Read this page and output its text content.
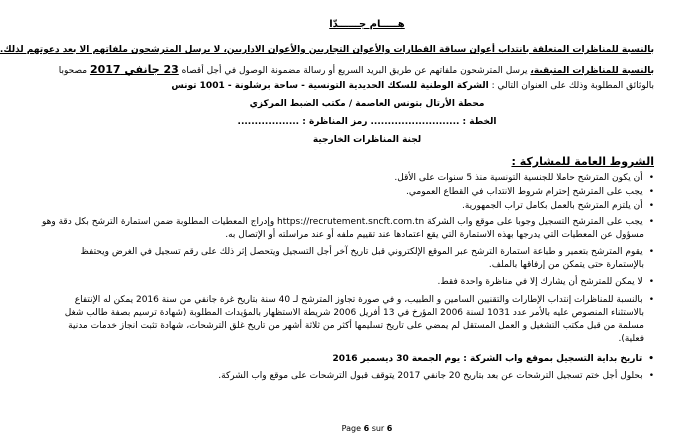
هـــــام جــــــدّا
بالنسبة للمناظرات المتعلقة بانتداب أعوان سياقة القطارات والأعوان التجاريين والأعوان الاداريين، لا يرسل المترشحون ملفاتهم الا بعد دعوتهم لذلك.
بالنسبة للمناظرات المتبقية، يرسل المترشحون ملفاتهم عن طريق البريد السريع أو رسالة مضمونة الوصول في أجل أقصاه 23 جانفي 2017 مصحوبا
بالوثائق المطلوبة وذلك على العنوان التالي : الشركة الوطنية للسكك الحديدية التونسية - ساحة برشلونة - 1001 تونس
محطة الأرتال بتونس العاصمة / مكتب الضبط المركزي
الخطة : .......................... رمز المناظرة : ..................
لجنة المناظرات الخارجية
الشروط العامة للمشاركة :
• أن يكون المترشح حاملا للجنسية التونسية منذ 5 سنوات على الأقل.
• يجب على المترشح إحترام شروط الانتداب في القطاع العمومي.
• أن يلتزم المترشح بالعمل بكامل تراب الجمهورية.
• يجب على المترشح التسجيل وجوبا على موقع واب الشركة https://recrutement.sncft.com.tn وإدراج المعطيات المطلوبة ضمن استمارة الترشح بكل دقة وهو
مسؤول عن المعطيات التي يدرجها بهذه الاستمارة التي يقع اعتمادها عند تقييم ملفه أو عند مراسلته أو الإتصال به.
• يقوم المترشح بتعمير و طباعة استمارة الترشح عبر الموقع الإلكتروني قبل تاريخ آخر أجل التسجيل ويتحصل إثر ذلك على رقم تسجيل في الغرض ويحتفظ
بالإستمارة حتى يتمكن من إرفاقها بالملف.
• لا يمكن للمترشح أن يشارك إلا في مناظرة واحدة فقط.
• بالنسبة للمناظرات إنتداب الإطارات والتقنيين السامين و الطبيب، و في صورة تجاوز المترشح لـ 40 سنة بتاريخ غرة جانفي من سنة 2016 يمكن له الإنتفاع
بالاستثناء المنصوص عليه بالأمر عدد 1031 لسنة 2006 المؤرخ في 13 أفريل 2006 شريطة الاستظهار بالمؤيدات المطلوبة (شهادة ترسيم بصفة طالب شغل
مسلمة من قبل مكتب التشغيل و العمل المستقل لم يمضي على تاريخ تسليمها أكثر من ثلاثة أشهر من تاريخ غلق الترشحات، شهادة تثبت انجاز خدمات مدنية
فعلية).
• تاريخ بداية التسجيل بموقع واب الشركة : يوم الجمعة 30 ديسمبر 2016
• بحلول أجل ختم تسجيل الترشحات عن بعد بتاريخ 20 جانفي 2017 يتوقف قبول الترشحات على موقع واب الشركة.
Page 6 sur 6
